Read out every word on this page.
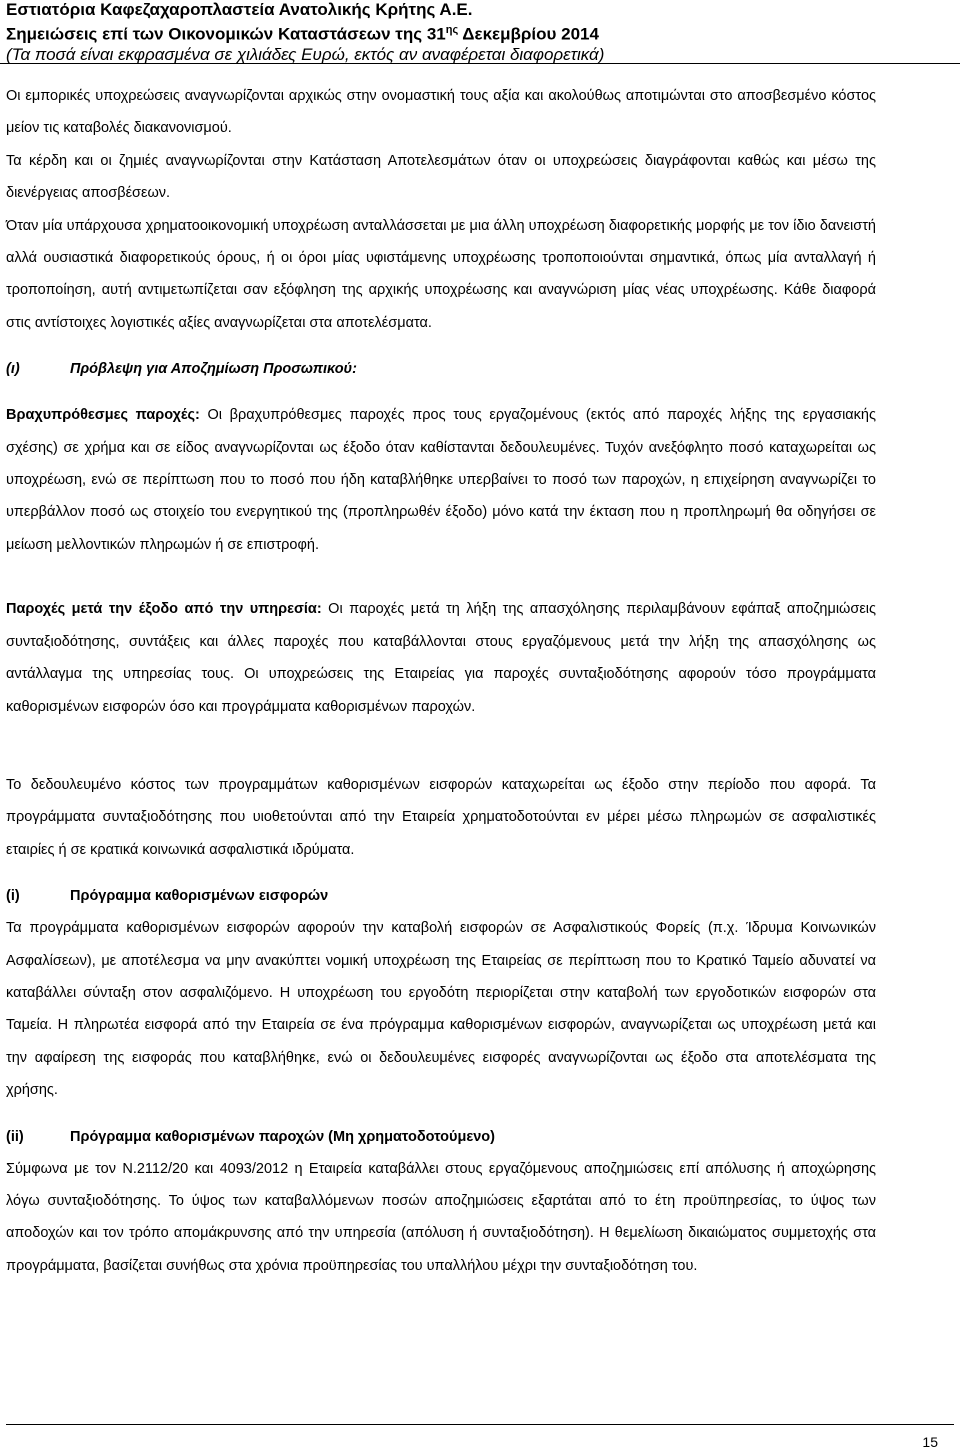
Εστιατόρια Καφεζαχαροπλαστεία Ανατολικής Κρήτης Α.Ε.
Σημειώσεις επί των Οικονομικών Καταστάσεων της $31^{\eta\varsigma}$ Δεκεμβρίου 2014
(Τα ποσά είναι εκφρασμένα σε χιλιάδες Ευρώ, εκτός αν αναφέρεται διαφορετικά)

Οι εμπορικές υποχρεώσεις αναγνωρίζονται αρχικώς στην ονομαστική τους αξία και ακολούθως αποτιμώνται στο αποσβεσμένο κόστος μείον τις καταβολές διακανονισμού.

Τα κέρδη και οι ζημιές αναγνωρίζονται στην Κατάσταση Αποτελεσμάτων όταν οι υποχρεώσεις διαγράφονται καθώς και μέσω της διενέργειας αποσβέσεων.

Όταν μία υπάρχουσα χρηματοοικονομική υποχρέωση ανταλλάσσεται με μια άλλη υποχρέωση διαφορετικής μορφής με τον ίδιο δανειστή αλλά ουσιαστικά διαφορετικούς όρους, ή οι όροι μίας υφιστάμενης υποχρέωσης τροποποιούνται σημαντικά, όπως μία ανταλλαγή ή τροποποίηση, αυτή αντιμετωπίζεται σαν εξόφληση της αρχικής υποχρέωσης και αναγνώριση μίας νέας υποχρέωσης. Κάθε διαφορά στις αντίστοιχες λογιστικές αξίες αναγνωρίζεται στα αποτελέσματα.

(ι)	Πρόβλεψη για Αποζημίωση Προσωπικού:

Βραχυπρόθεσμες παροχές: Οι βραχυπρόθεσμες παροχές προς τους εργαζομένους (εκτός από παροχές λήξης της εργασιακής σχέσης) σε χρήμα και σε είδος αναγνωρίζονται ως έξοδο όταν καθίστανται δεδουλευμένες. Τυχόν ανεξόφλητο ποσό καταχωρείται ως υποχρέωση, ενώ σε περίπτωση που το ποσό που ήδη καταβλήθηκε υπερβαίνει το ποσό των παροχών, η επιχείρηση αναγνωρίζει το υπερβάλλον ποσό ως στοιχείο του ενεργητικού της (προπληρωθέν έξοδο) μόνο κατά την έκταση που η προπληρωμή θα οδηγήσει σε μείωση μελλοντικών πληρωμών ή σε επιστροφή.

Παροχές μετά την έξοδο από την υπηρεσία: Οι παροχές μετά τη λήξη της απασχόλησης περιλαμβάνουν εφάπαξ αποζημιώσεις συνταξιοδότησης, συντάξεις και άλλες παροχές που καταβάλλονται στους εργαζόμενους μετά την λήξη της απασχόλησης ως αντάλλαγμα της υπηρεσίας τους. Οι υποχρεώσεις της Εταιρείας για παροχές συνταξιοδότησης αφορούν τόσο προγράμματα καθορισμένων εισφορών όσο και προγράμματα καθορισμένων παροχών.

Το δεδουλευμένο κόστος των προγραμμάτων καθορισμένων εισφορών καταχωρείται ως έξοδο στην περίοδο που αφορά. Τα προγράμματα συνταξιοδότησης που υιοθετούνται από την Εταιρεία χρηματοδοτούνται εν μέρει μέσω πληρωμών σε ασφαλιστικές εταιρίες ή σε κρατικά κοινωνικά ασφαλιστικά ιδρύματα.

(i)	Πρόγραμμα καθορισμένων εισφορών

Τα προγράμματα καθορισμένων εισφορών αφορούν την καταβολή εισφορών σε Ασφαλιστικούς Φορείς (π.χ. Ίδρυμα Κοινωνικών Ασφαλίσεων), με αποτέλεσμα να μην ανακύπτει νομική υποχρέωση της Εταιρείας σε περίπτωση που το Κρατικό Ταμείο αδυνατεί να καταβάλλει σύνταξη στον ασφαλιζόμενο. Η υποχρέωση του εργοδότη περιορίζεται στην καταβολή των εργοδοτικών εισφορών στα Ταμεία. Η πληρωτέα εισφορά από την Εταιρεία σε ένα πρόγραμμα καθορισμένων εισφορών, αναγνωρίζεται ως υποχρέωση μετά και την αφαίρεση της εισφοράς που καταβλήθηκε, ενώ οι δεδουλευμένες εισφορές αναγνωρίζονται ως έξοδο στα αποτελέσματα της χρήσης.

(ii)	Πρόγραμμα καθορισμένων παροχών (Μη χρηματοδοτούμενο)

Σύμφωνα με τον Ν.2112/20 και 4093/2012 η Εταιρεία καταβάλλει στους εργαζόμενους αποζημιώσεις επί απόλυσης ή αποχώρησης λόγω συνταξιοδότησης. Το ύψος των καταβαλλόμενων ποσών αποζημιώσεις εξαρτάται από το έτη προϋπηρεσίας, το ύψος των αποδοχών και τον τρόπο απομάκρυνσης από την υπηρεσία (απόλυση ή συνταξιοδότηση). Η θεμελίωση δικαιώματος συμμετοχής στα προγράμματα, βασίζεται συνήθως στα χρόνια προϋπηρεσίας του υπαλλήλου μέχρι την συνταξιοδότηση του.

15
